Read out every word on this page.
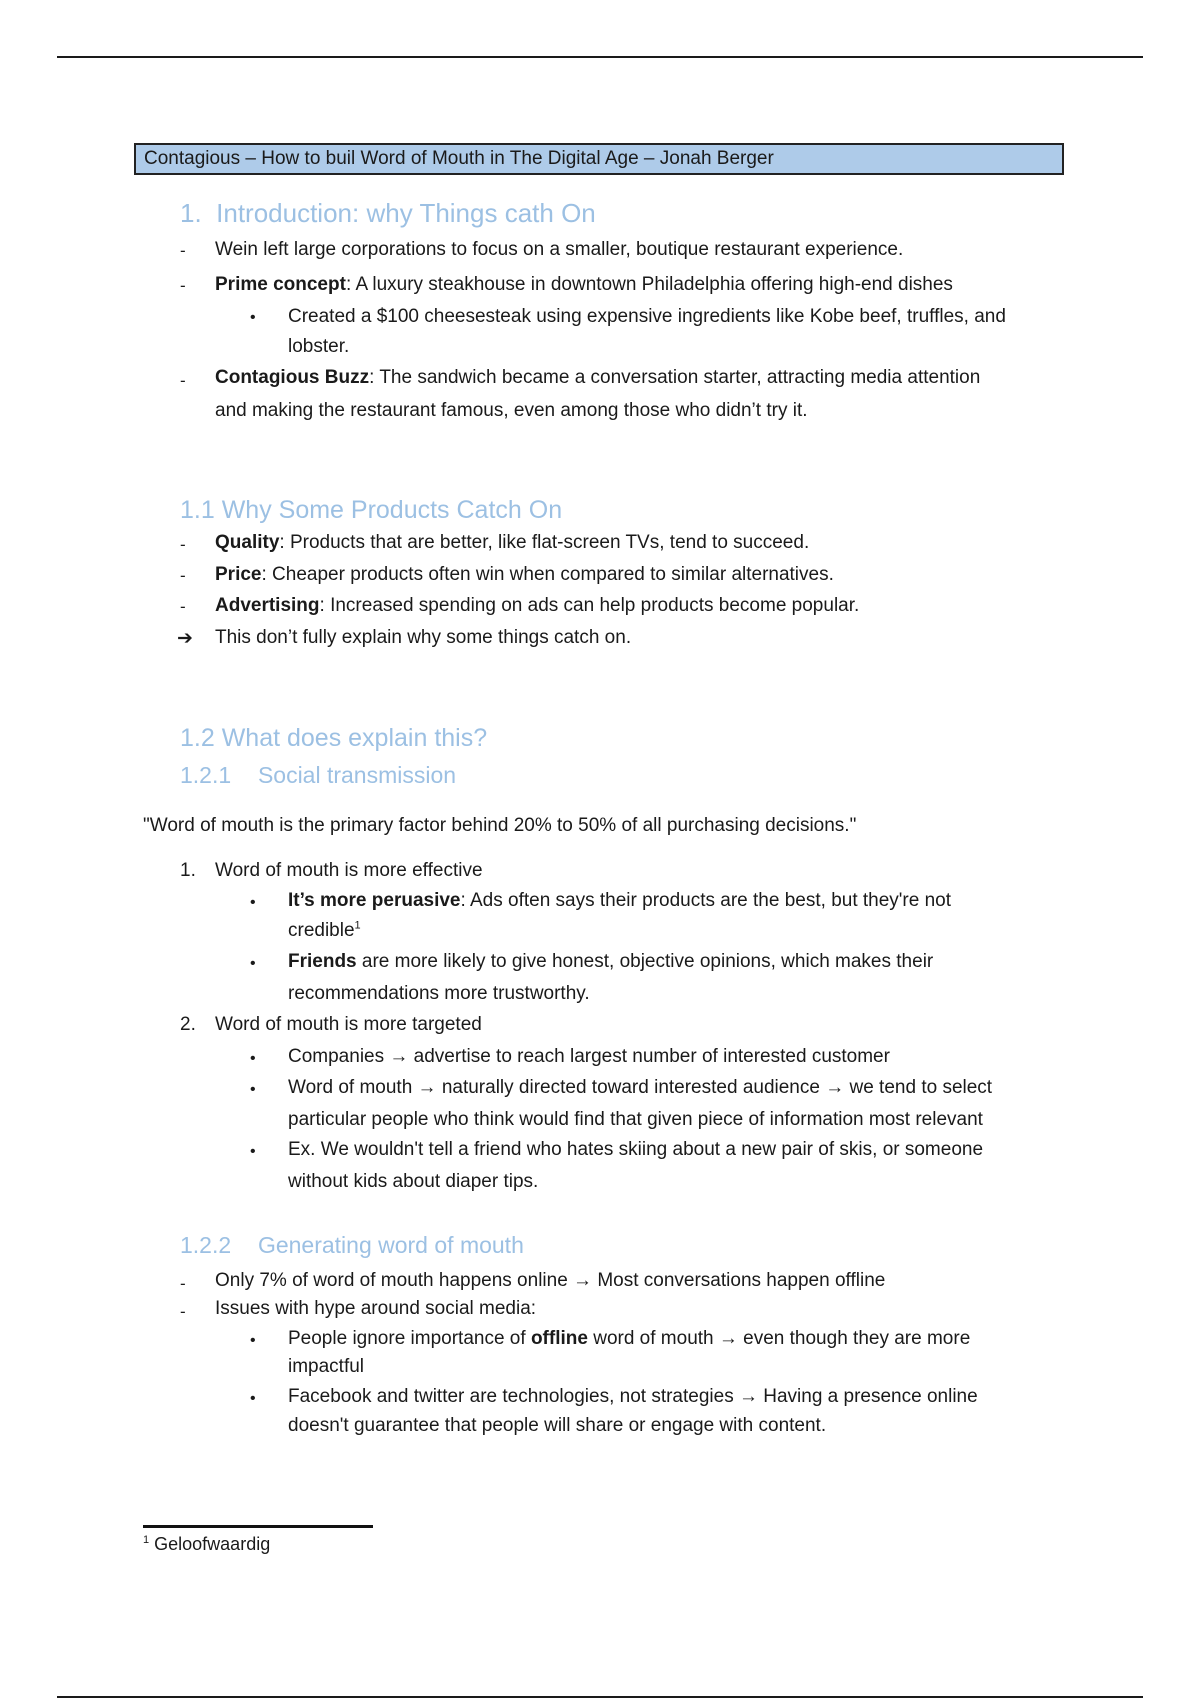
Contagious – How to buil Word of Mouth in The Digital Age – Jonah Berger
1. Introduction: why Things cath On
- Wein left large corporations to focus on a smaller, boutique restaurant experience.
- Prime concept: A luxury steakhouse in downtown Philadelphia offering high-end dishes
• Created a $100 cheesesteak using expensive ingredients like Kobe beef, truffles, and
lobster.
- Contagious Buzz: The sandwich became a conversation starter, attracting media attention
and making the restaurant famous, even among those who didn’t try it.
1.1 Why Some Products Catch On
- Quality: Products that are better, like flat-screen TVs, tend to succeed.
- Price: Cheaper products often win when compared to similar alternatives.
- Advertising: Increased spending on ads can help products become popular.
➔ This don’t fully explain why some things catch on.
1.2 What does explain this?
1.2.1 Social transmission
"Word of mouth is the primary factor behind 20% to 50% of all purchasing decisions."
1. Word of mouth is more effective
• It’s more peruasive: Ads often says their products are the best, but they're not
credible$^1$
• Friends are more likely to give honest, objective opinions, which makes their
recommendations more trustworthy.
2. Word of mouth is more targeted
• Companies → advertise to reach largest number of interested customer
• Word of mouth → naturally directed toward interested audience → we tend to select
particular people who think would find that given piece of information most relevant
• Ex. We wouldn't tell a friend who hates skiing about a new pair of skis, or someone
without kids about diaper tips.
1.2.2 Generating word of mouth
- Only 7% of word of mouth happens online → Most conversations happen offline
- Issues with hype around social media:
• People ignore importance of offline word of mouth → even though they are more
impactful
• Facebook and twitter are technologies, not strategies → Having a presence online
doesn't guarantee that people will share or engage with content.
$^1$ Geloofwaardig
